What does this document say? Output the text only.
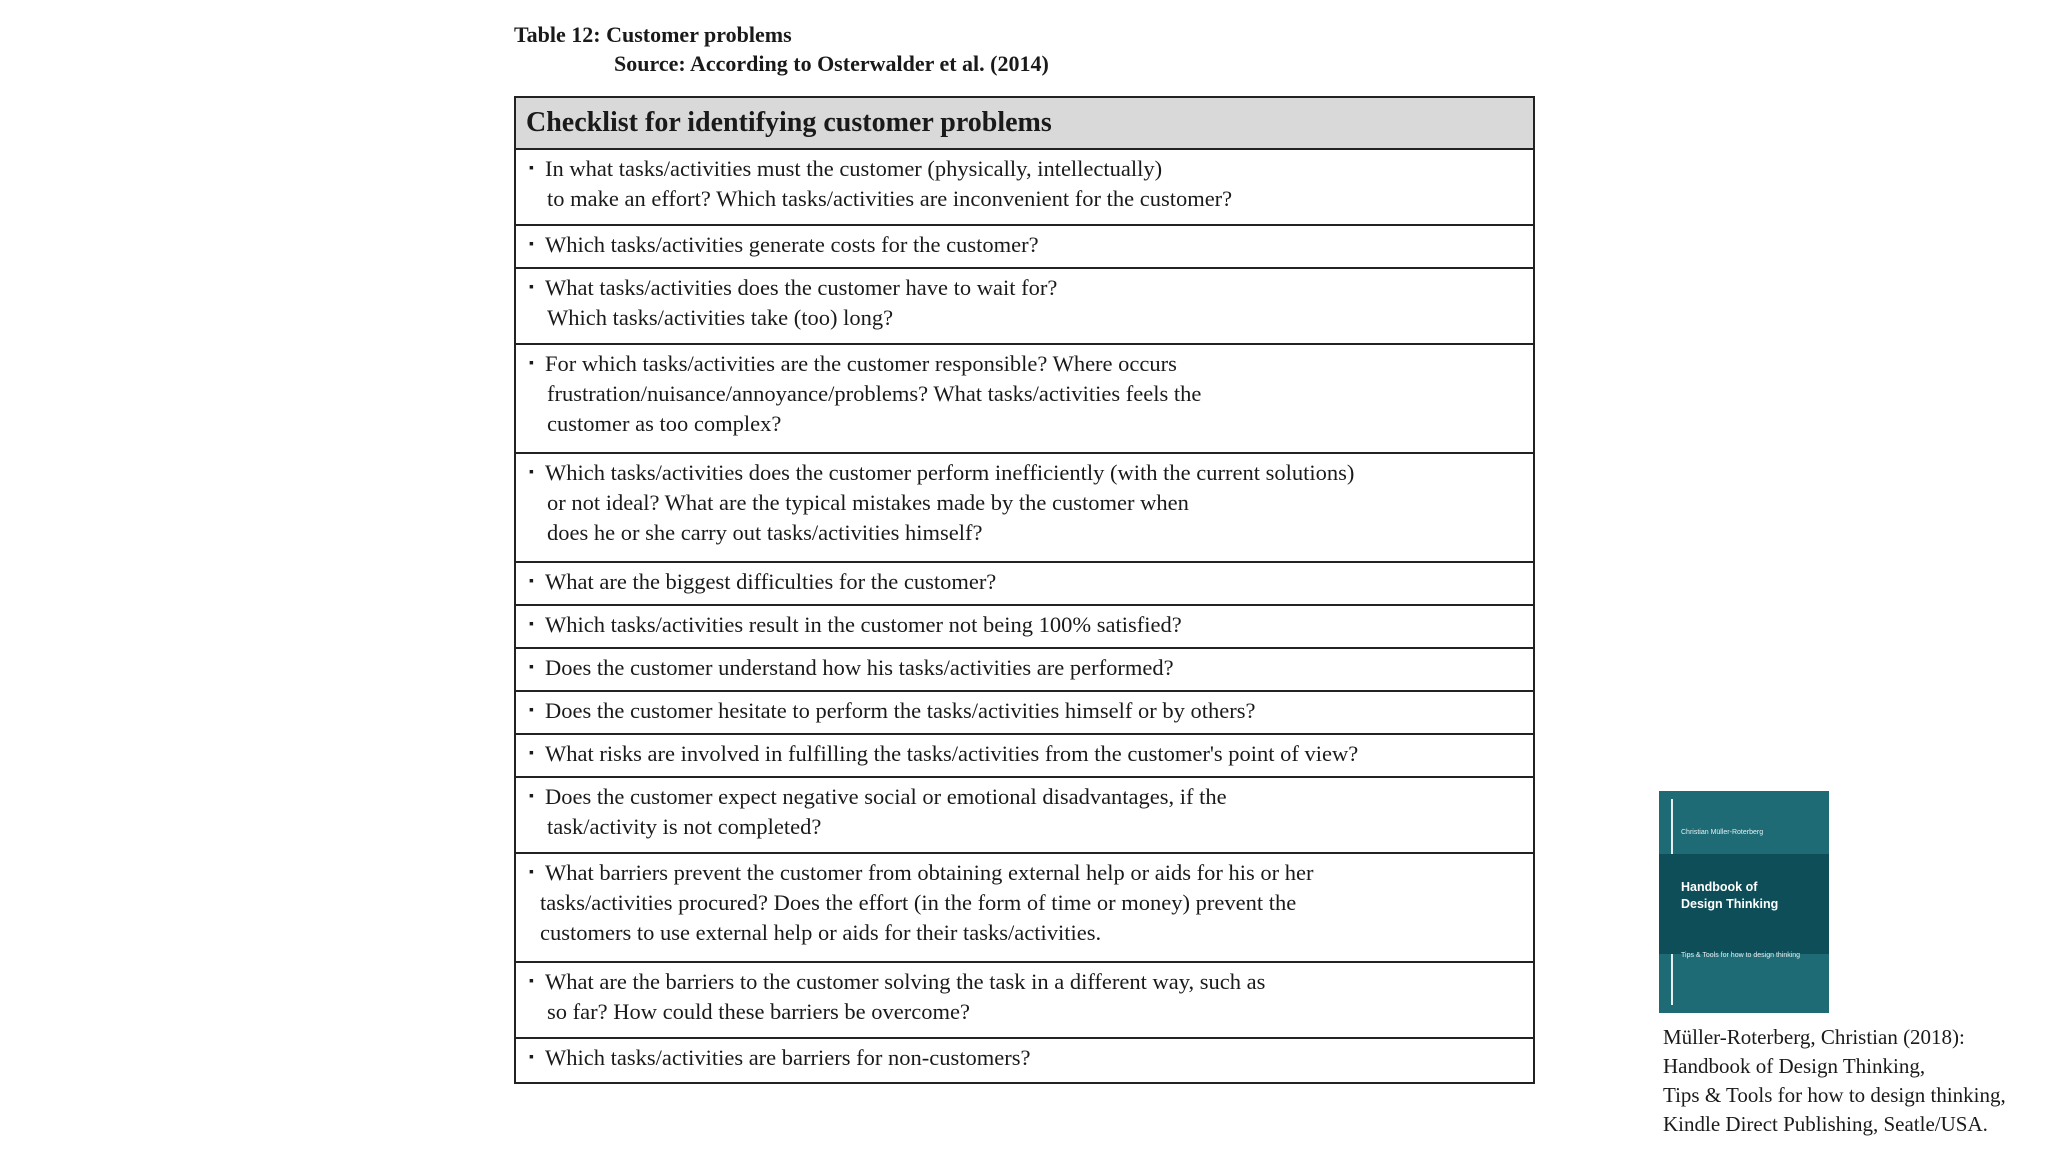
Table 12: Customer problems
Source: According to Osterwalder et al. (2014)
Checklist for identifying customer problems
▪ In what tasks/activities must the customer (physically, intellectually)
to make an effort? Which tasks/activities are inconvenient for the customer?
▪ Which tasks/activities generate costs for the customer?
▪ What tasks/activities does the customer have to wait for?
Which tasks/activities take (too) long?
▪ For which tasks/activities are the customer responsible? Where occurs
frustration/nuisance/annoyance/problems? What tasks/activities feels the
customer as too complex?
▪ Which tasks/activities does the customer perform inefficiently (with the current solutions)
or not ideal? What are the typical mistakes made by the customer when
does he or she carry out tasks/activities himself?
▪ What are the biggest difficulties for the customer?
▪ Which tasks/activities result in the customer not being 100% satisfied?
▪ Does the customer understand how his tasks/activities are performed?
▪ Does the customer hesitate to perform the tasks/activities himself or by others?
▪ What risks are involved in fulfilling the tasks/activities from the customer's point of view?
▪ Does the customer expect negative social or emotional disadvantages, if the
task/activity is not completed?
▪ What barriers prevent the customer from obtaining external help or aids for his or her
tasks/activities procured? Does the effort (in the form of time or money) prevent the
customers to use external help or aids for their tasks/activities.
▪ What are the barriers to the customer solving the task in a different way, such as
so far? How could these barriers be overcome?
▪ Which tasks/activities are barriers for non-customers?
Christian Müller-Roterberg
Handbook of
Design Thinking
Tips & Tools for how to design thinking
Müller-Roterberg, Christian (2018):
Handbook of Design Thinking,
Tips & Tools for how to design thinking,
Kindle Direct Publishing, Seatle/USA.
